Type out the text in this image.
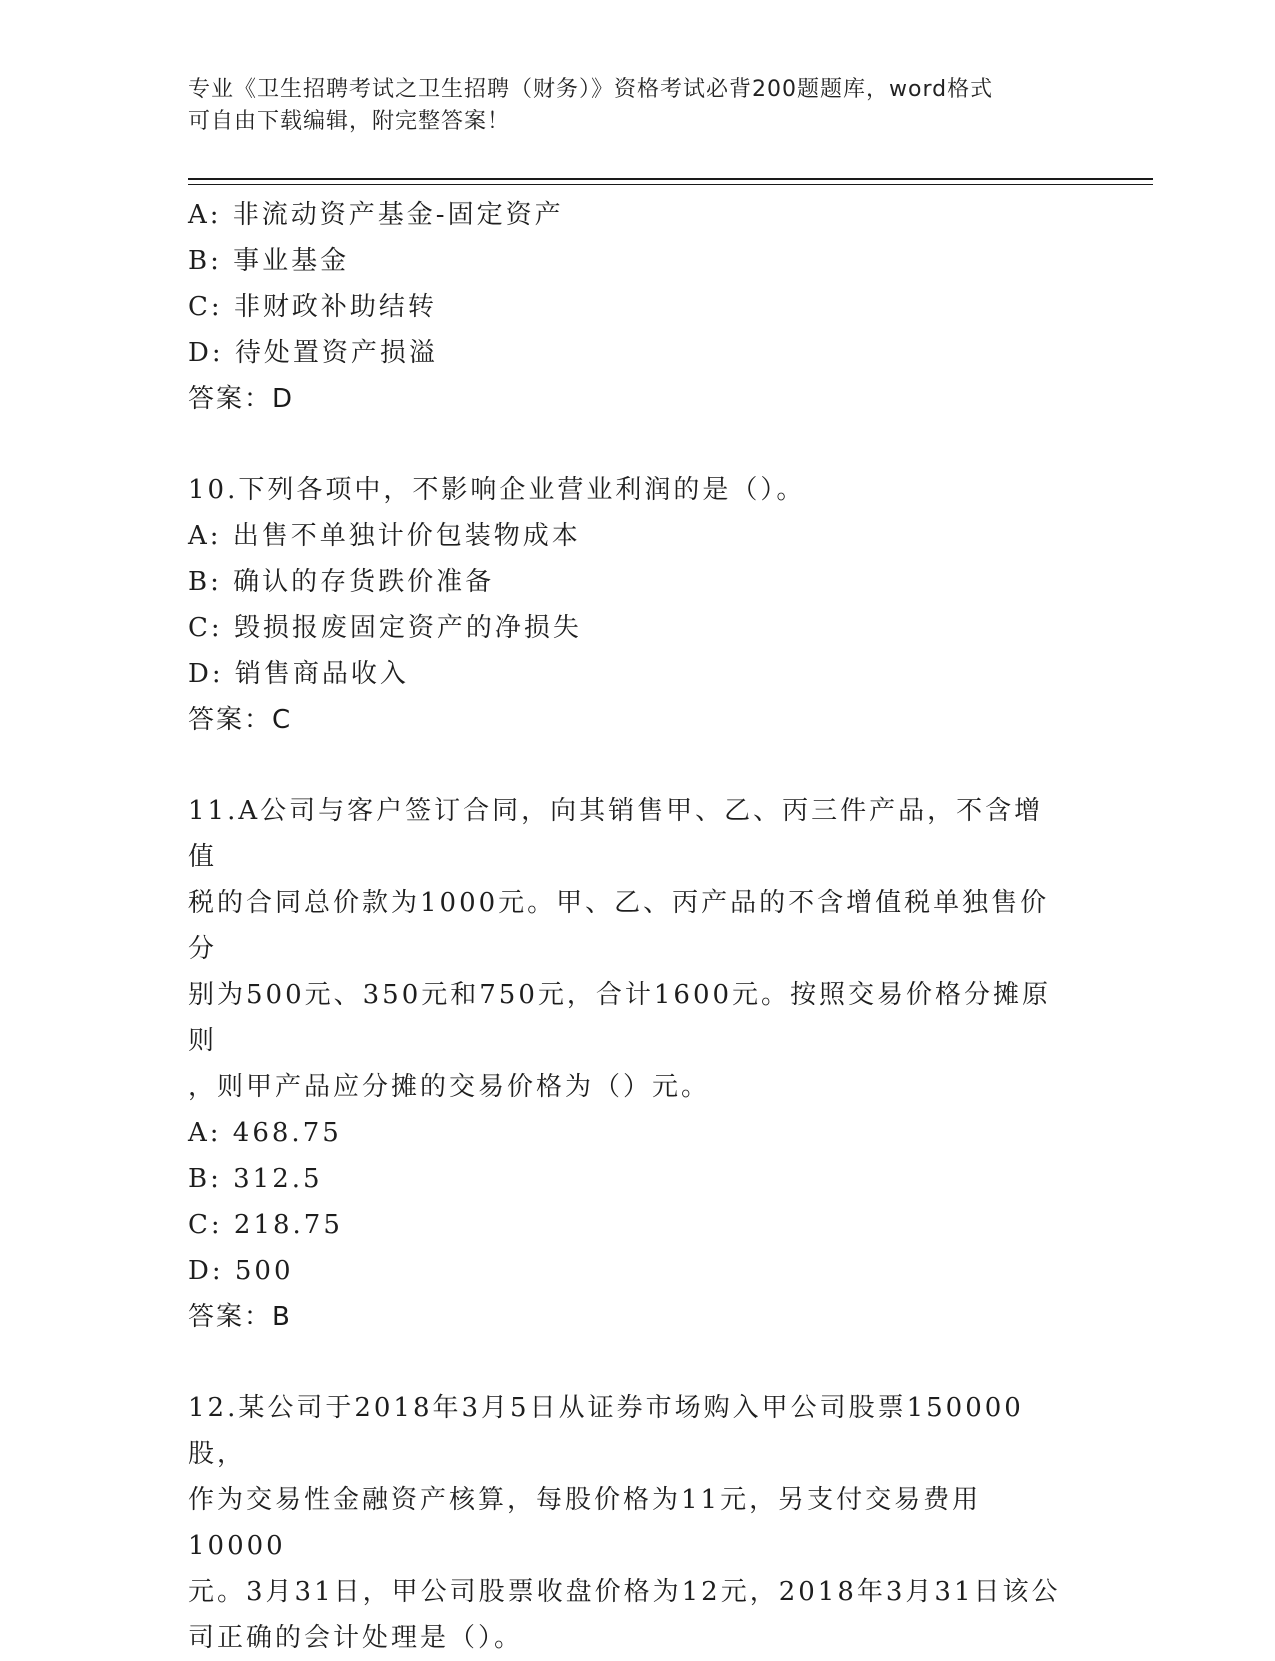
专业《卫生招聘考试之卫生招聘（财务）》资格考试必背200题题库，word格式
可自由下载编辑，附完整答案！
A: 非流动资产基金-固定资产
B: 事业基金
C: 非财政补助结转
D: 待处置资产损溢
答案：D
10.下列各项中，不影响企业营业利润的是（）。
A: 出售不单独计价包装物成本
B: 确认的存货跌价准备
C: 毁损报废固定资产的净损失
D: 销售商品收入
答案：C
11.A公司与客户签订合同，向其销售甲、乙、丙三件产品，不含增值
税的合同总价款为1000元。甲、乙、丙产品的不含增值税单独售价分
别为500元、350元和750元，合计1600元。按照交易价格分摊原则
，则甲产品应分摊的交易价格为（）元。
A: 468.75
B: 312.5
C: 218.75
D: 500
答案：B
12.某公司于2018年3月5日从证券市场购入甲公司股票150000股，
作为交易性金融资产核算，每股价格为11元，另支付交易费用10000
元。3月31日，甲公司股票收盘价格为12元，2018年3月31日该公
司正确的会计处理是（）。
